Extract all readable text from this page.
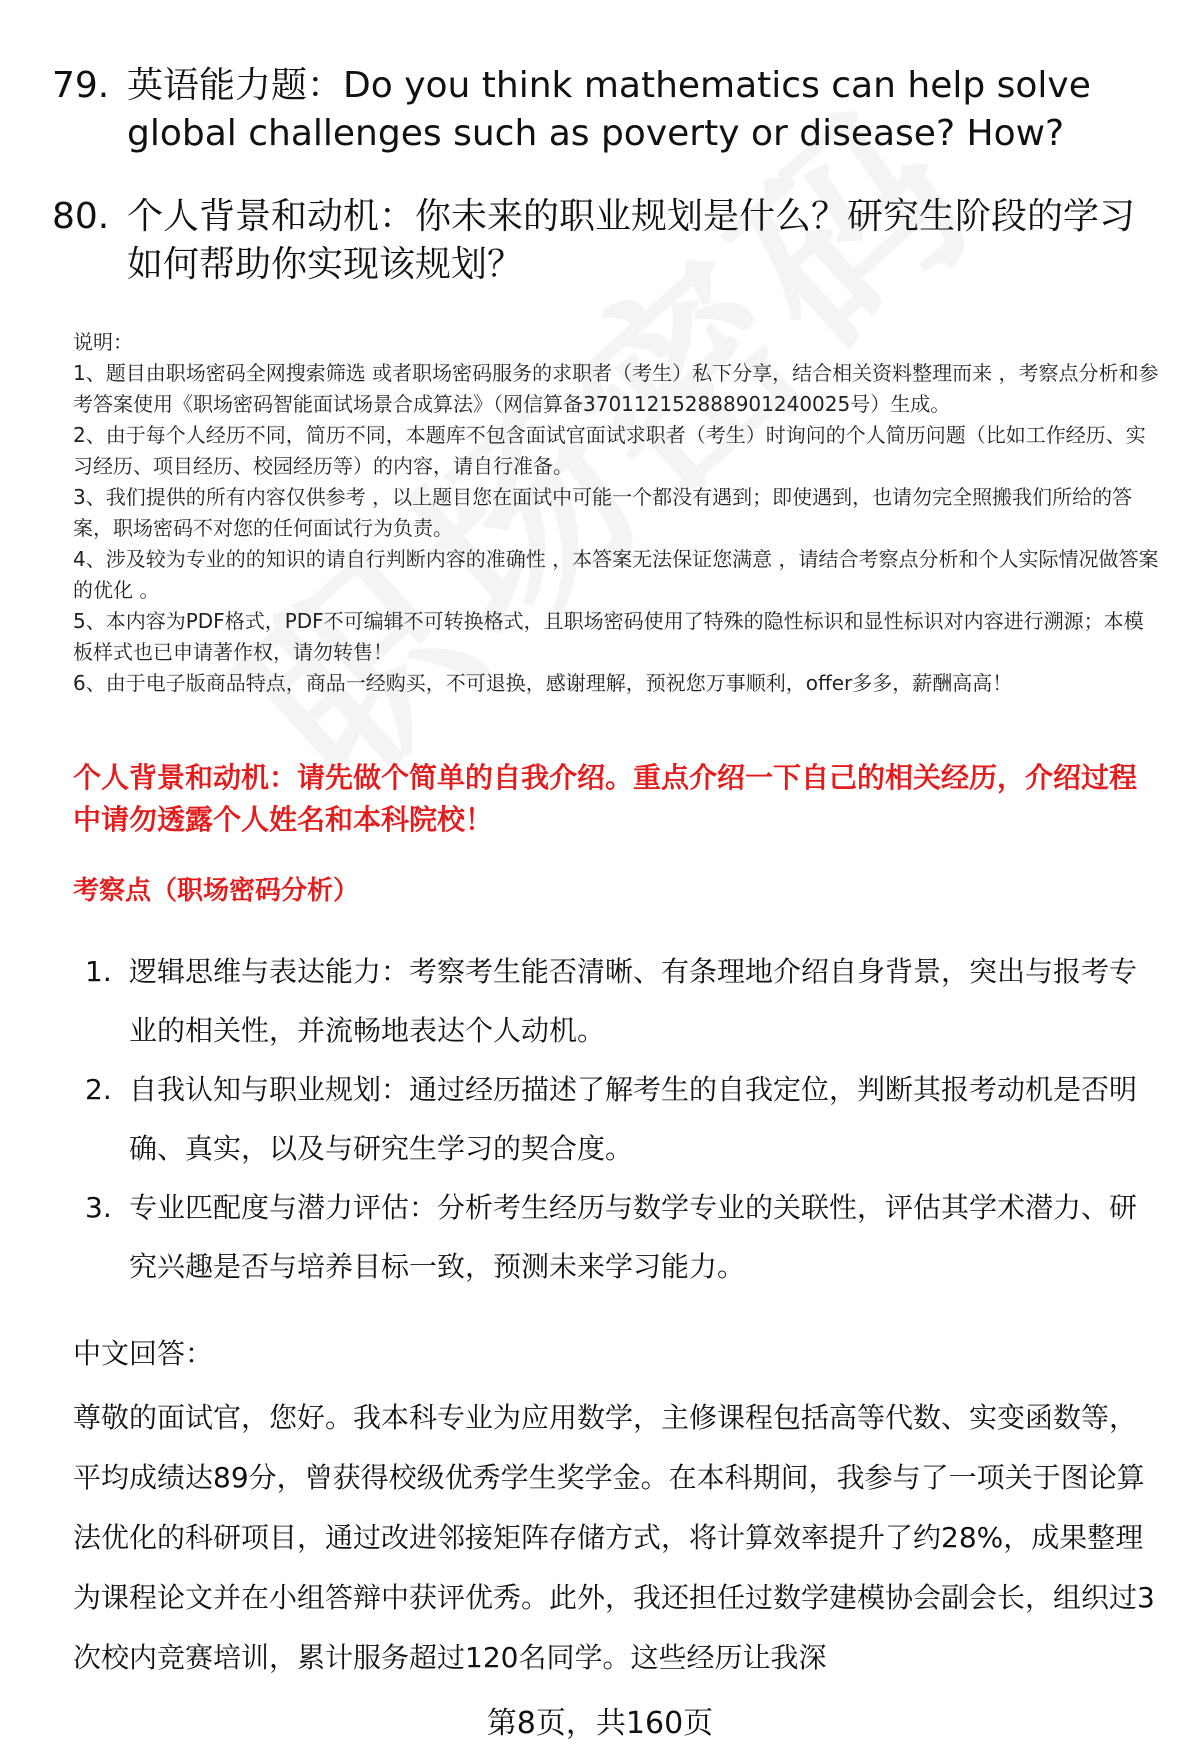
79. 英语能力题：Do you think mathematics can help solve global challenges such as poverty or disease? How?
80. 个人背景和动机：你未来的职业规划是什么？研究生阶段的学习如何帮助你实现该规划？

说明：

1、题目由职场密码全网搜索筛选 或者职场密码服务的求职者（考生）私下分享，结合相关资料整理而来 ，考察点分析和参考答案使用《职场密码智能面试场景合成算法》（网信算备370112152888901240025号）生成。

2、由于每个人经历不同，简历不同，本题库不包含面试官面试求职者（考生）时询问的个人简历问题（比如工作经历、实习经历、项目经历、校园经历等）的内容，请自行准备。

3、我们提供的所有内容仅供参考 ，以上题目您在面试中可能一个都没有遇到；即使遇到，也请勿完全照搬我们所给的答案，职场密码不对您的任何面试行为负责。

4、涉及较为专业的的知识的请自行判断内容的准确性 ，本答案无法保证您满意 ，请结合考察点分析和个人实际情况做答案的优化 。

5、本内容为PDF格式，PDF不可编辑不可转换格式，且职场密码使用了特殊的隐性标识和显性标识对内容进行溯源；本模板样式也已申请著作权，请勿转售！

6、由于电子版商品特点，商品一经购买，不可退换，感谢理解，预祝您万事顺利，offer多多，薪酬高高！

个人背景和动机：请先做个简单的自我介绍。重点介绍一下自己的相关经历，介绍过程中请勿透露个人姓名和本科院校！
考察点（职场密码分析）
1. 逻辑思维与表达能力：考察考生能否清晰、有条理地介绍自身背景，突出与报考专业的相关性，并流畅地表达个人动机。
2. 自我认知与职业规划：通过经历描述了解考生的自我定位，判断其报考动机是否明确、真实，以及与研究生学习的契合度。
3. 专业匹配度与潜力评估：分析考生经历与数学专业的关联性，评估其学术潜力、研究兴趣是否与培养目标一致，预测未来学习能力。
中文回答：
尊敬的面试官，您好。我本科专业为应用数学，主修课程包括高等代数、实变函数等，平均成绩达89分，曾获得校级优秀学生奖学金。在本科期间，我参与了一项关于图论算法优化的科研项目，通过改进邻接矩阵存储方式，将计算效率提升了约28%，成果整理为课程论文并在小组答辩中获评优秀。此外，我还担任过数学建模协会副会长，组织过3次校内竞赛培训，累计服务超过120名同学。这些经历让我深
第8页，共160页
